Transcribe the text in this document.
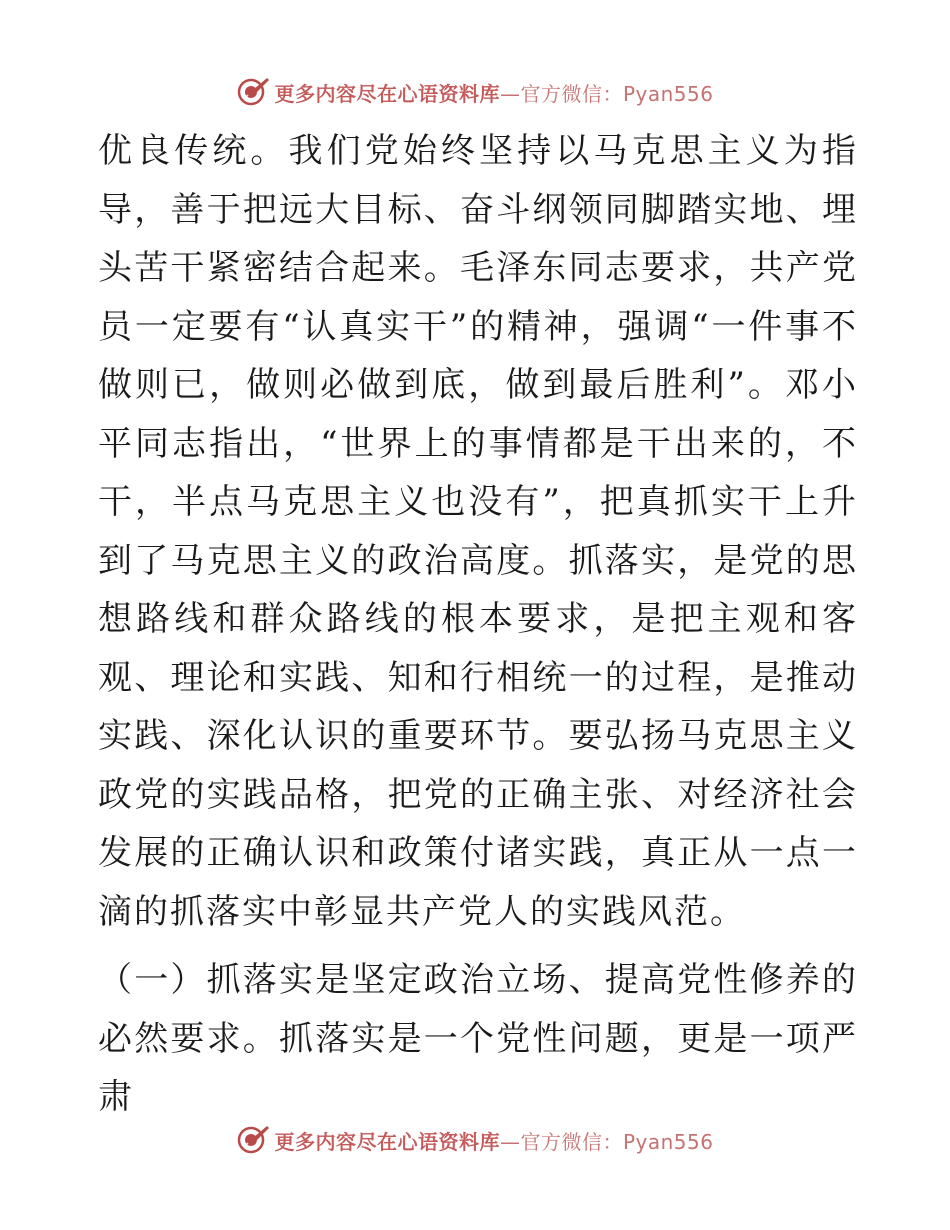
更多内容尽在心语资料库—官方微信：Pyan556

优良传统。我们党始终坚持以马克思主义为指导，善于把远大目标、奋斗纲领同脚踏实地、埋头苦干紧密结合起来。毛泽东同志要求，共产党员一定要有“认真实干”的精神，强调“一件事不做则已，做则必做到底，做到最后胜利”。邓小平同志指出，“世界上的事情都是干出来的，不干，半点马克思主义也没有”，把真抓实干上升到了马克思主义的政治高度。抓落实，是党的思想路线和群众路线的根本要求，是把主观和客观、理论和实践、知和行相统一的过程，是推动实践、深化认识的重要环节。要弘扬马克思主义政党的实践品格，把党的正确主张、对经济社会发展的正确认识和政策付诸实践，真正从一点一滴的抓落实中彰显共产党人的实践风范。

（一）抓落实是坚定政治立场、提高党性修养的必然要求。抓落实是一个党性问题，更是一项严肃

更多内容尽在心语资料库—官方微信：Pyan556
